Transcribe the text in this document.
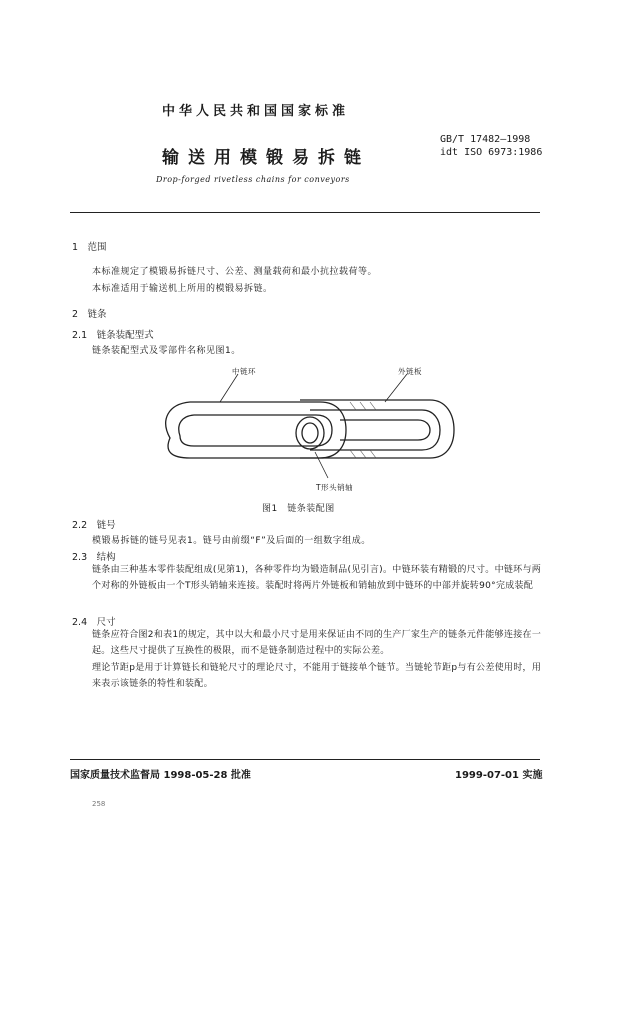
中华人民共和国国家标准
输送用模锻易拆链
GB/T 17482—1998
idt ISO 6973:1986
Drop-forged rivetless chains for conveyors
1　范围
本标准规定了模锻易拆链尺寸、公差、测量载荷和最小抗拉载荷等。
本标准适用于输送机上所用的模锻易拆链。
2　链条
2.1　链条装配型式
链条装配型式及零部件名称见图1。
中链环	外链板
T形头销轴
图1　链条装配图
2.2　链号
模锻易拆链的链号见表1。链号由前缀“F”及后面的一组数字组成。
2.3　结构
链条由三种基本零件装配组成(见第1)，各种零件均为锻造制品(见引言)。中链环装有精锻的尺寸。中链环与两个对称的外链板由一个T形头销轴来连接。装配时将两片外链板和销轴放到中链环的中部并旋转90°完成装配
2.4　尺寸
链条应符合图2和表1的规定，其中以大和最小尺寸是用来保证由不同的生产厂家生产的链条元件能够连接在一起。这些尺寸提供了互换性的极限，而不是链条制造过程中的实际公差。
理论节距p是用于计算链长和链轮尺寸的理论尺寸，不能用于链接单个链节。当链轮节距p与有公差使用时，用来表示该链条的特性和装配。
国家质量技术监督局 1998-05-28 批准	1999-07-01 实施
258
